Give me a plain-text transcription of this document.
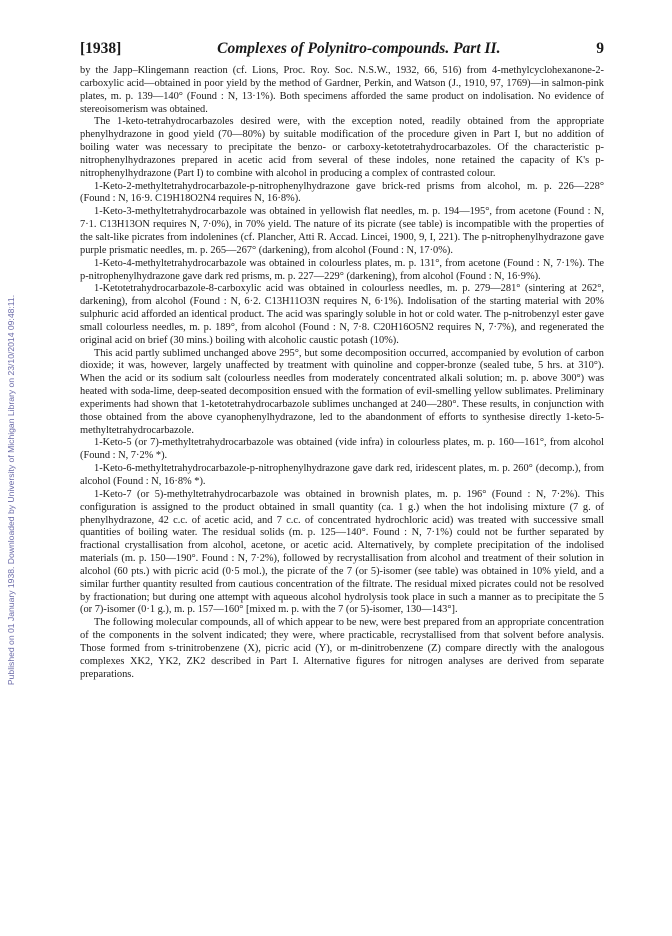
Published on 01 January 1938. Downloaded by University of Michigan Library on 23/10/2014 09:48:11.
[1938]	Complexes of Polynitro-compounds. Part II.	9

by the Japp–Klingemann reaction (cf. Lions, Proc. Roy. Soc. N.S.W., 1932, 66, 516) from 4-methylcyclohexanone-2-carboxylic acid—obtained in poor yield by the method of Gardner, Perkin, and Watson (J., 1910, 97, 1769)—in salmon-pink plates, m. p. 139—140° (Found : N, 13·1%). Both specimens afforded the same product on indolisation. No evidence of stereoisomerism was obtained.

The 1-keto-tetrahydrocarbazoles desired were, with the exception noted, readily obtained from the appropriate phenylhydrazone in good yield (70—80%) by suitable modification of the procedure given in Part I, but no addition of boiling water was necessary to precipitate the benzo- or carboxy-ketotetrahydrocarbazoles. Of the characteristic p-nitrophenylhydrazones prepared in acetic acid from several of these indoles, none retained the capacity of K's p-nitrophenylhydrazone (Part I) to combine with alcohol in producing a complex of contrasted colour.

1-Keto-2-methyltetrahydrocarbazole-p-nitrophenylhydrazone gave brick-red prisms from alcohol, m. p. 226—228° (Found : N, 16·9. C19H18O2N4 requires N, 16·8%).

1-Keto-3-methyltetrahydrocarbazole was obtained in yellowish flat needles, m. p. 194—195°, from acetone (Found : N, 7·1. C13H13ON requires N, 7·0%), in 70% yield. The nature of its picrate (see table) is incompatible with the properties of the salt-like picrates from indolenines (cf. Plancher, Atti R. Accad. Lincei, 1900, 9, I, 221). The p-nitrophenylhydrazone gave purple prismatic needles, m. p. 265—267° (darkening), from alcohol (Found : N, 17·0%).

1-Keto-4-methyltetrahydrocarbazole was obtained in colourless plates, m. p. 131°, from acetone (Found : N, 7·1%). The p-nitrophenylhydrazone gave dark red prisms, m. p. 227—229° (darkening), from alcohol (Found : N, 16·9%).

1-Ketotetrahydrocarbazole-8-carboxylic acid was obtained in colourless needles, m. p. 279—281° (sintering at 262°, darkening), from alcohol (Found : N, 6·2. C13H11O3N requires N, 6·1%). Indolisation of the starting material with 20% sulphuric acid afforded an identical product. The acid was sparingly soluble in hot or cold water. The p-nitrobenzyl ester gave small colourless needles, m. p. 189°, from alcohol (Found : N, 7·8. C20H16O5N2 requires N, 7·7%), and regenerated the original acid on brief (30 mins.) boiling with alcoholic caustic potash (10%).

This acid partly sublimed unchanged above 295°, but some decomposition occurred, accompanied by evolution of carbon dioxide; it was, however, largely unaffected by treatment with quinoline and copper-bronze (sealed tube, 5 hrs. at 310°). When the acid or its sodium salt (colourless needles from moderately concentrated alkali solution; m. p. above 300°) was heated with soda-lime, deep-seated decomposition ensued with the formation of evil-smelling yellow sublimates. Preliminary experiments had shown that 1-ketotetrahydrocarbazole sublimes unchanged at 240—280°. These results, in conjunction with those obtained from the above cyanophenylhydrazone, led to the abandonment of efforts to synthesise directly 1-keto-5-methyltetrahydrocarbazole.

1-Keto-5 (or 7)-methyltetrahydrocarbazole was obtained (vide infra) in colourless plates, m. p. 160—161°, from alcohol (Found : N, 7·2% *).

1-Keto-6-methyltetrahydrocarbazole-p-nitrophenylhydrazone gave dark red, iridescent plates, m. p. 260° (decomp.), from alcohol (Found : N, 16·8% *).

1-Keto-7 (or 5)-methyltetrahydrocarbazole was obtained in brownish plates, m. p. 196° (Found : N, 7·2%). This configuration is assigned to the product obtained in small quantity (ca. 1 g.) when the hot indolising mixture (7 g. of phenylhydrazone, 42 c.c. of acetic acid, and 7 c.c. of concentrated hydrochloric acid) was treated with successive small quantities of boiling water. The residual solids (m. p. 125—140°. Found : N, 7·1%) could not be further separated by fractional crystallisation from alcohol, acetone, or acetic acid. Alternatively, by complete precipitation of the indolised materials (m. p. 150—190°. Found : N, 7·2%), followed by recrystallisation from alcohol and treatment of their solution in alcohol (60 pts.) with picric acid (0·5 mol.), the picrate of the 7 (or 5)-isomer (see table) was obtained in 10% yield, and a similar further quantity resulted from cautious concentration of the filtrate. The residual mixed picrates could not be resolved by fractionation; but during one attempt with aqueous alcohol hydrolysis took place in such a manner as to precipitate the 5 (or 7)-isomer (0·1 g.), m. p. 157—160° [mixed m. p. with the 7 (or 5)-isomer, 130—143°].

The following molecular compounds, all of which appear to be new, were best prepared from an appropriate concentration of the components in the solvent indicated; they were, where practicable, recrystallised from that solvent before analysis. Those formed from s-trinitrobenzene (X), picric acid (Y), or m-dinitrobenzene (Z) compare directly with the analogous complexes XK2, YK2, ZK2 described in Part I. Alternative figures for nitrogen analyses are derived from separate preparations.
